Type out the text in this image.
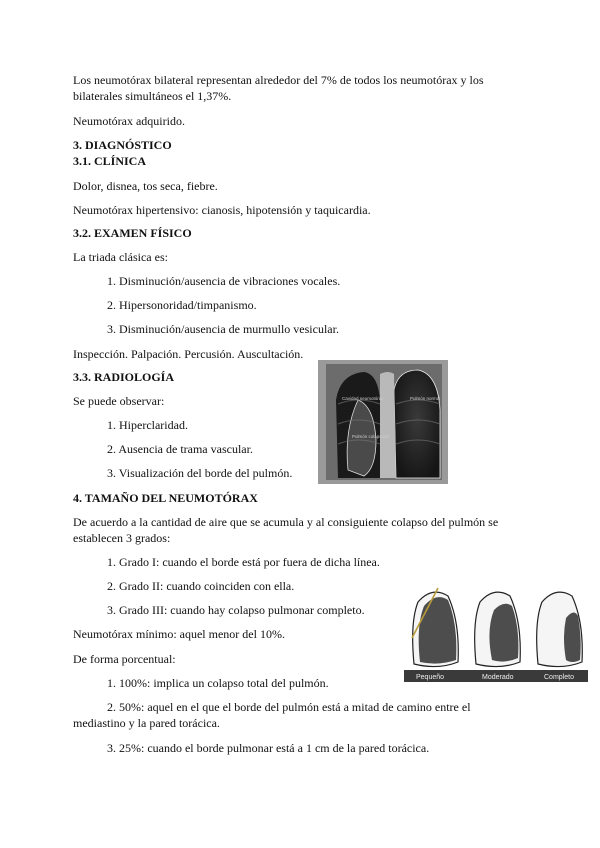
Los neumotórax bilateral representan alrededor del 7% de todos los neumotórax y los
bilaterales simultáneos el 1,37%.
Neumotórax adquirido.
3. DIAGNÓSTICO
3.1. CLÍNICA
Dolor, disnea, tos seca, fiebre.
Neumotórax hipertensivo: cianosis, hipotensión y taquicardia.
3.2. EXAMEN FÍSICO
La triada clásica es:
1. Disminución/ausencia de vibraciones vocales.
2. Hipersonoridad/timpanismo.
3. Disminución/ausencia de murmullo vesicular.
Inspección. Palpación. Percusión. Auscultación.
3.3. RADIOLOGÍA
Se puede observar:
1. Hiperclaridad.
2. Ausencia de trama vascular.
3. Visualización del borde del pulmón.
Cavidad neumotórax
Pulmón colapsado
Pulmón normal
4. TAMAÑO DEL NEUMOTÓRAX
De acuerdo a la cantidad de aire que se acumula y al consiguiente colapso del pulmón se
establecen 3 grados:
1. Grado I: cuando el borde está por fuera de dicha línea.
2. Grado II: cuando coinciden con ella.
3. Grado III: cuando hay colapso pulmonar completo.
Neumotórax mínimo: aquel menor del 10%.
De forma porcentual:
1. 100%: implica un colapso total del pulmón.
2. 50%: aquel en el que el borde del pulmón está a mitad de camino entre el
mediastino y la pared torácica.
3. 25%: cuando el borde pulmonar está a 1 cm de la pared torácica.
Pequeño	Moderado	Completo
